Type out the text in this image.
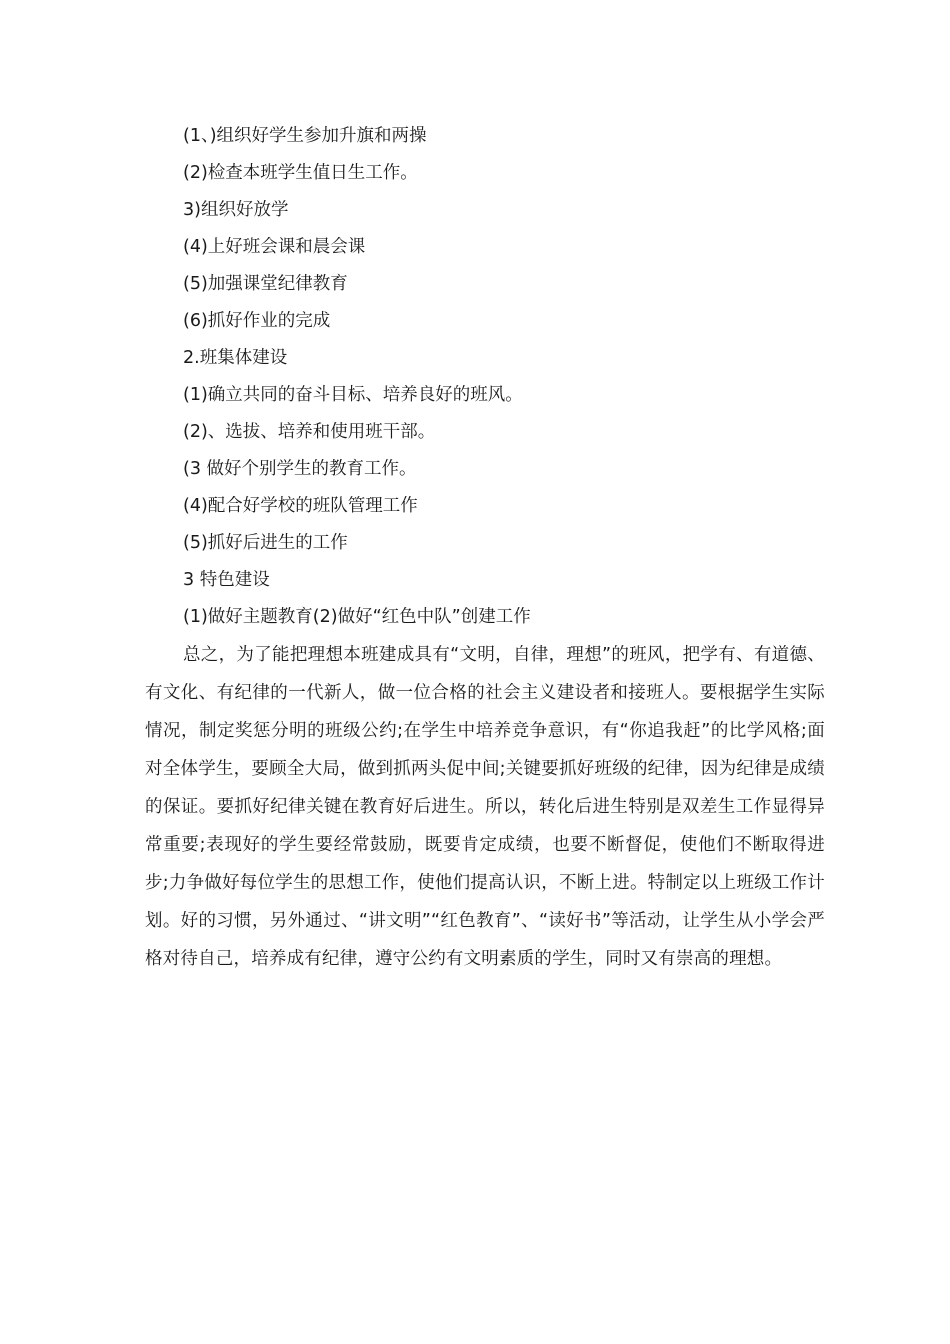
(1、)组织好学生参加升旗和两操

(2)检查本班学生值日生工作。

3)组织好放学

(4)上好班会课和晨会课

(5)加强课堂纪律教育

(6)抓好作业的完成

2.班集体建设

(1)确立共同的奋斗目标、培养良好的班风。

(2)、选拔、培养和使用班干部。

(3 做好个别学生的教育工作。

(4)配合好学校的班队管理工作

(5)抓好后进生的工作

3 特色建设

(1)做好主题教育(2)做好“红色中队”创建工作

总之，为了能把理想本班建成具有“文明，自律，理想”的班风，把学有、有道德、有文化、有纪律的一代新人，做一位合格的社会主义建设者和接班人。要根据学生实际情况，制定奖惩分明的班级公约;在学生中培养竞争意识，有“你追我赶”的比学风格;面对全体学生，要顾全大局，做到抓两头促中间;关键要抓好班级的纪律，因为纪律是成绩的保证。要抓好纪律关键在教育好后进生。所以，转化后进生特别是双差生工作显得异常重要;表现好的学生要经常鼓励，既要肯定成绩，也要不断督促，使他们不断取得进步;力争做好每位学生的思想工作，使他们提高认识，不断上进。特制定以上班级工作计划。好的习惯，另外通过、“讲文明”“红色教育”、“读好书”等活动，让学生从小学会严格对待自己，培养成有纪律，遵守公约有文明素质的学生，同时又有崇高的理想。
